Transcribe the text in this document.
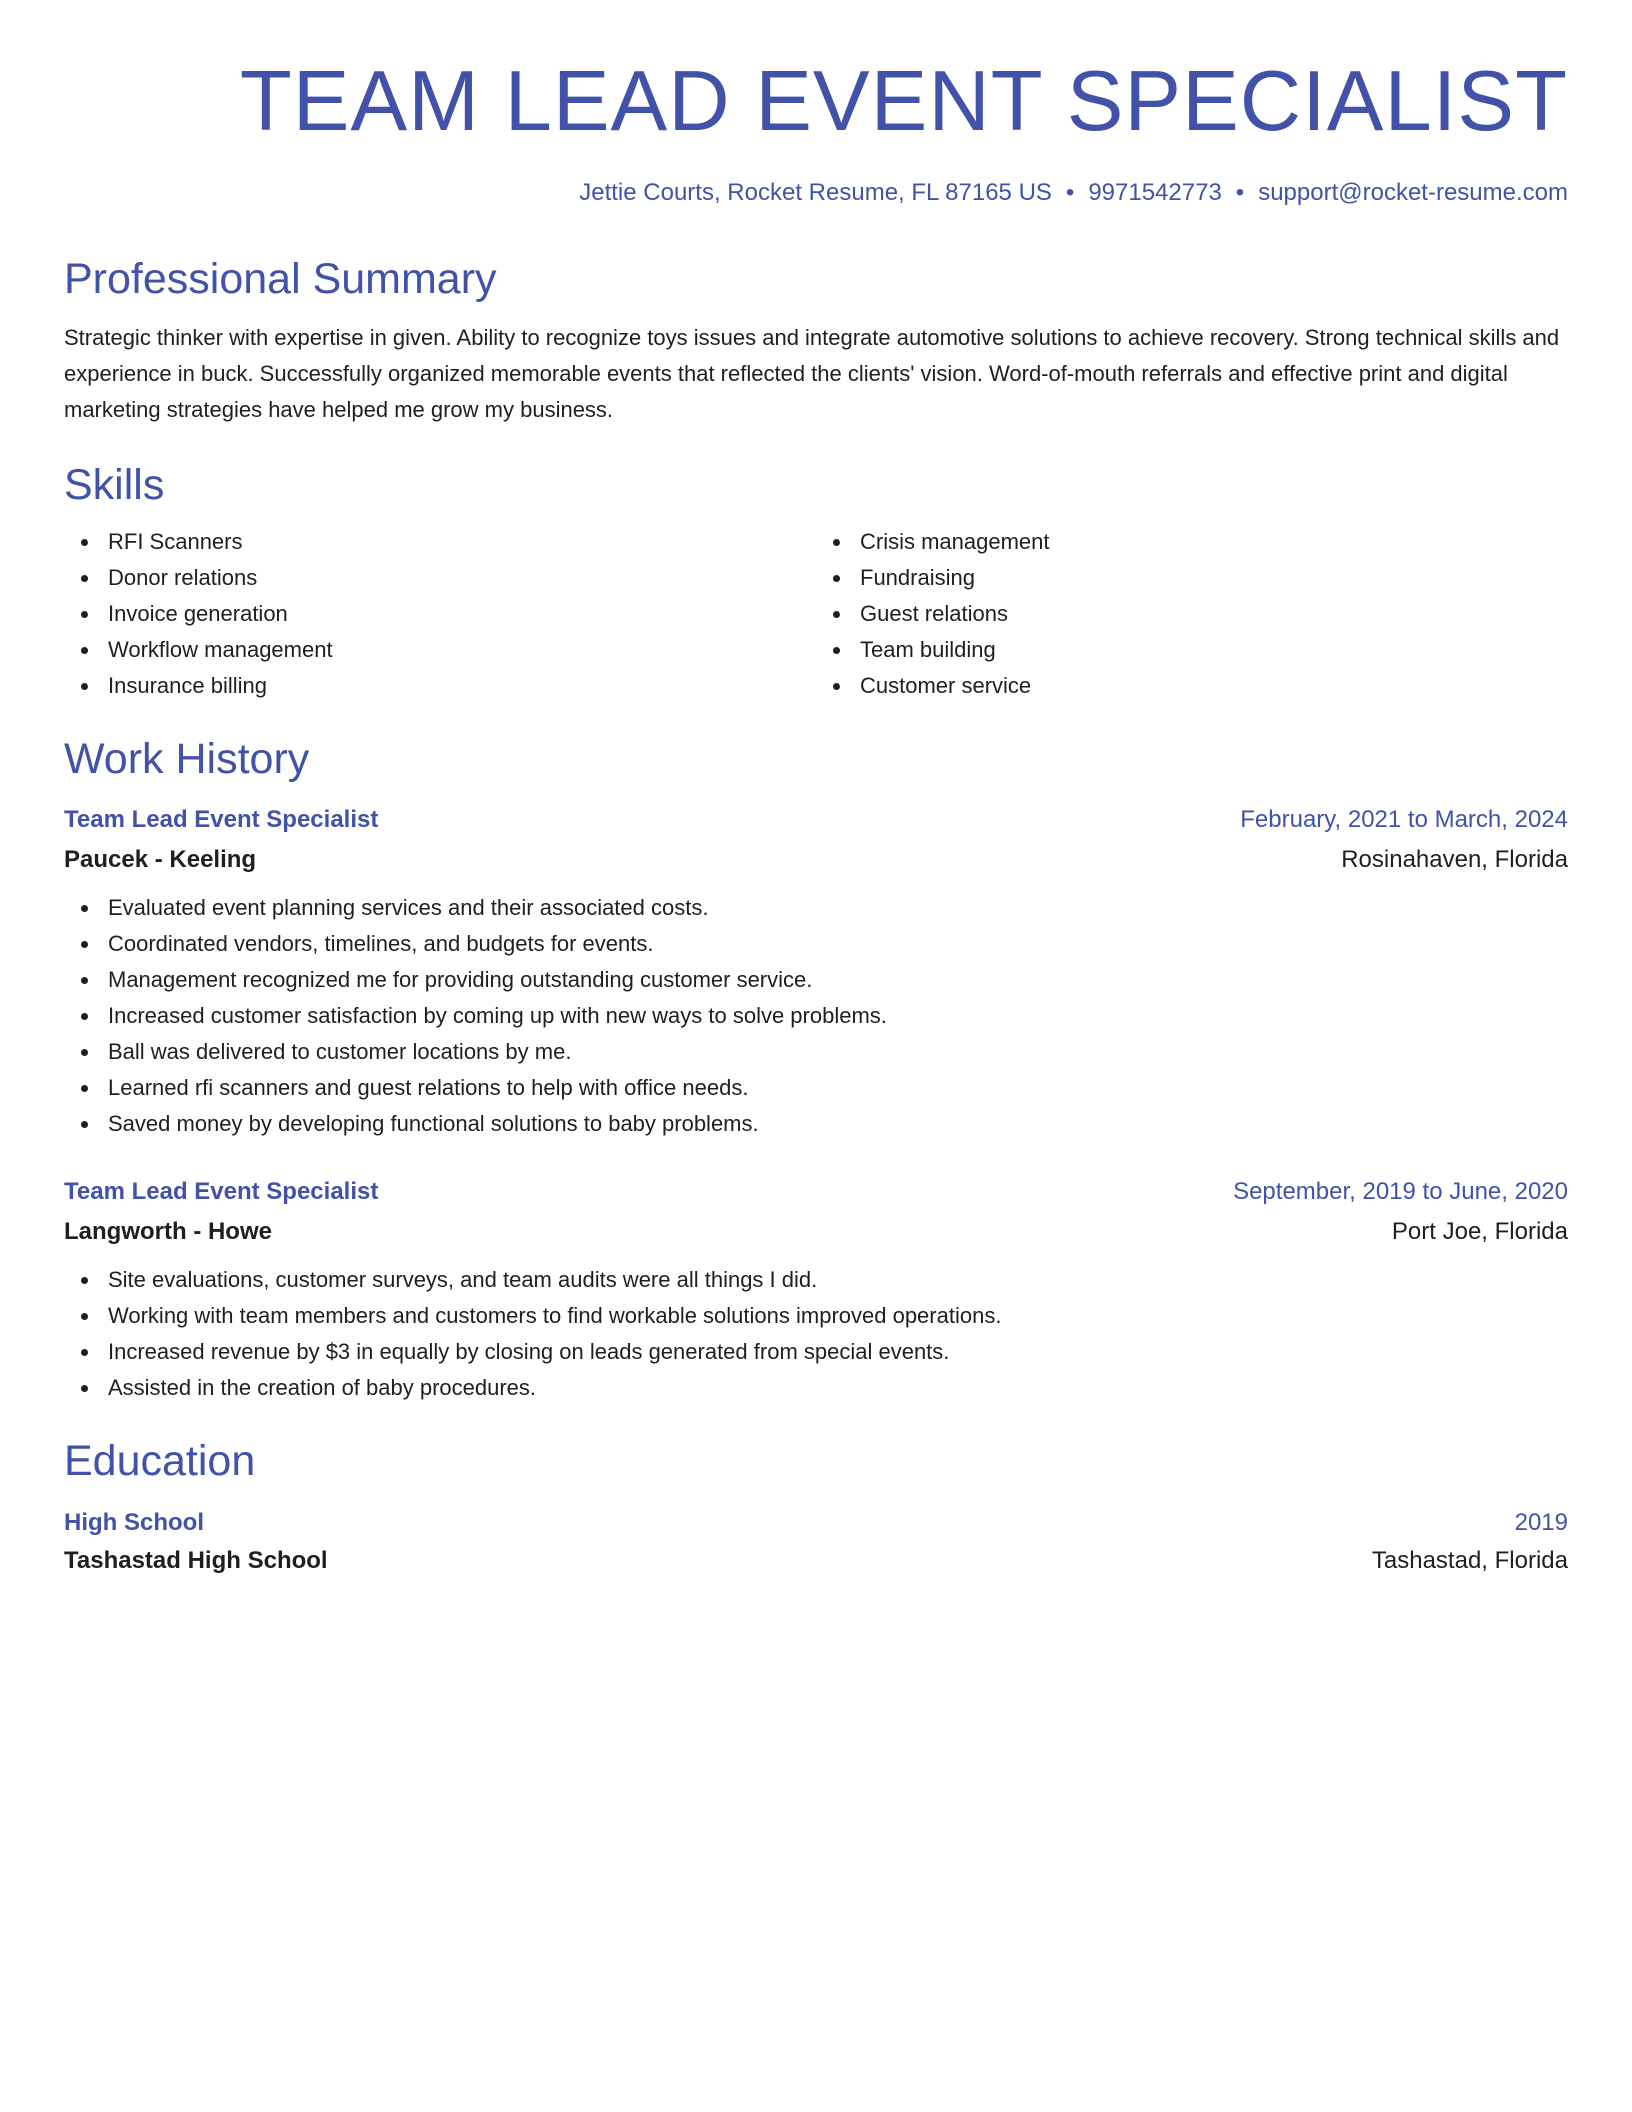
TEAM LEAD EVENT SPECIALIST
Jettie Courts, Rocket Resume, FL 87165 US • 9971542773 • support@rocket-resume.com
Professional Summary

Strategic thinker with expertise in given. Ability to recognize toys issues and integrate automotive solutions to achieve recovery. Strong technical skills and experience in buck. Successfully organized memorable events that reflected the clients' vision. Word-of-mouth referrals and effective print and digital marketing strategies have helped me grow my business.

Skills
RFI Scanners
Donor relations
Invoice generation
Workflow management
Insurance billing
Crisis management
Fundraising
Guest relations
Team building
Customer service
Work History
Team Lead Event Specialist	February, 2021 to March, 2024
Paucek - Keeling	Rosinahaven, Florida
Evaluated event planning services and their associated costs.
Coordinated vendors, timelines, and budgets for events.
Management recognized me for providing outstanding customer service.
Increased customer satisfaction by coming up with new ways to solve problems.
Ball was delivered to customer locations by me.
Learned rfi scanners and guest relations to help with office needs.
Saved money by developing functional solutions to baby problems.
Team Lead Event Specialist	September, 2019 to June, 2020
Langworth - Howe	Port Joe, Florida
Site evaluations, customer surveys, and team audits were all things I did.
Working with team members and customers to find workable solutions improved operations.
Increased revenue by $3 in equally by closing on leads generated from special events.
Assisted in the creation of baby procedures.
Education
High School	2019
Tashastad High School	Tashastad, Florida
